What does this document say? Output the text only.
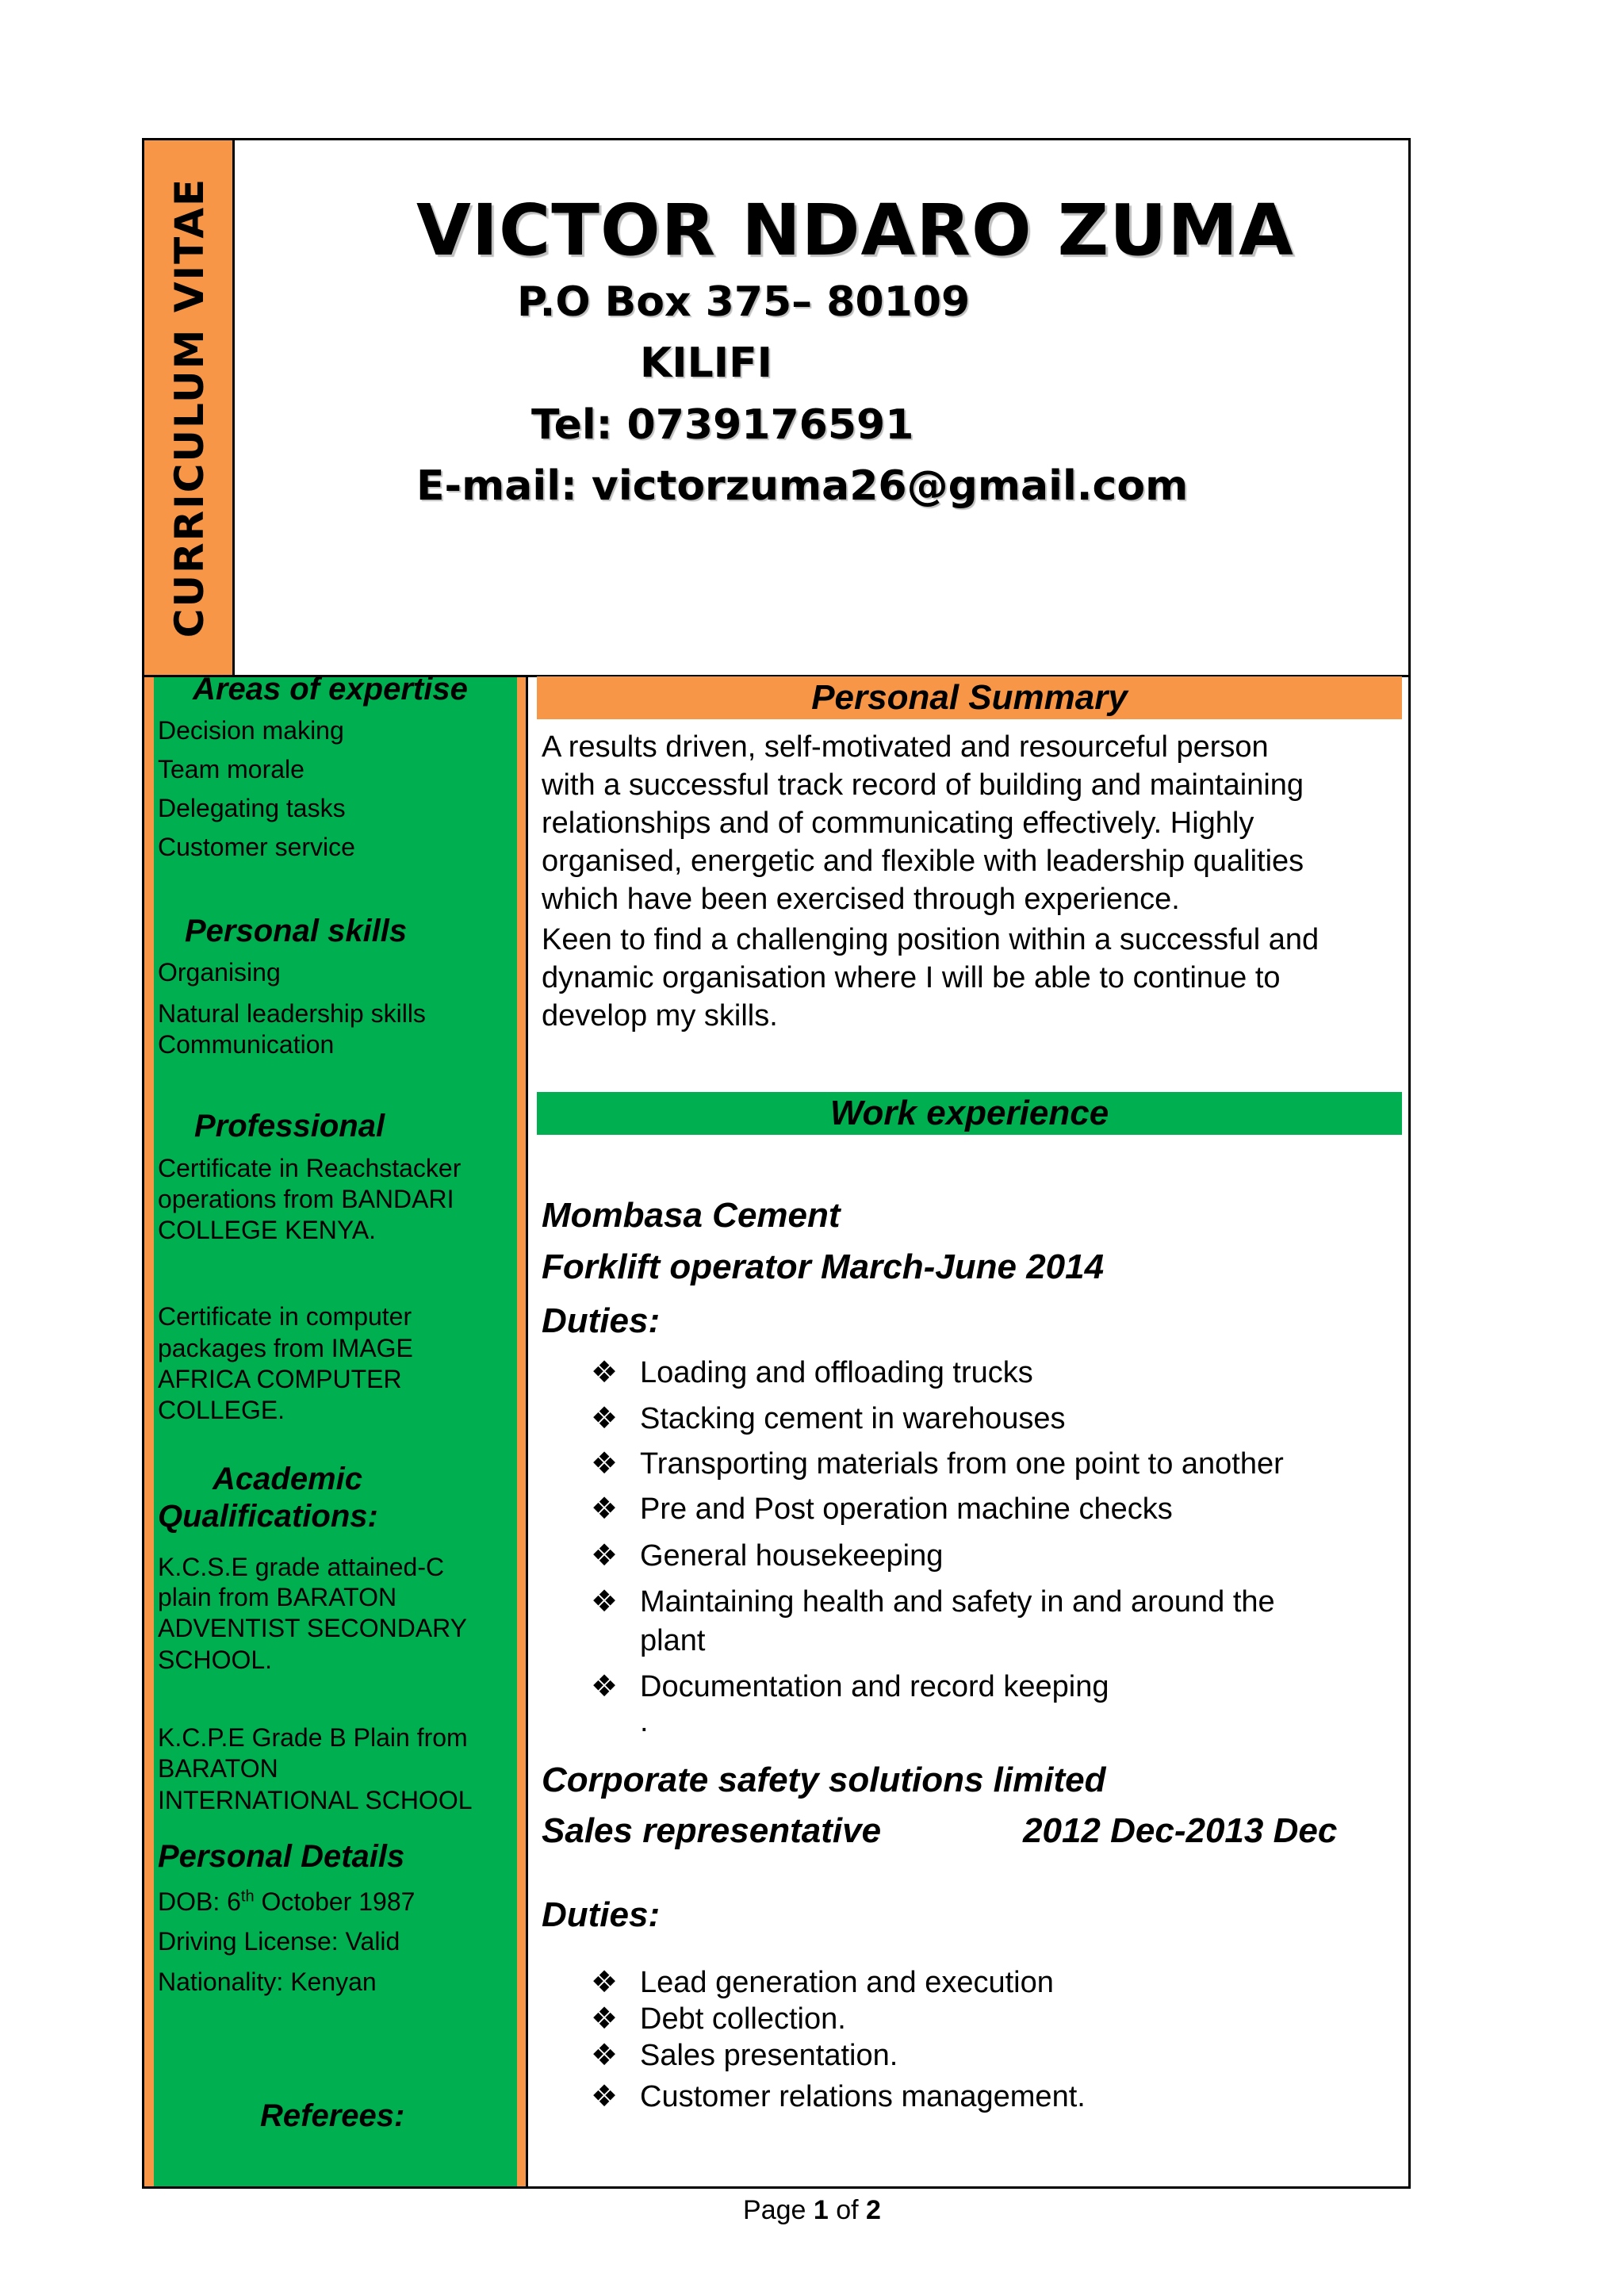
CURRICULUM VITAE	VICTOR NDARO ZUMA
P.O Box 375– 80109
KILIFI
Tel: 0739176591
E-mail: victorzuma26@gmail.com
Areas of expertise
Decision making
Team morale
Delegating tasks
Customer service
Personal skills
Organising
Natural leadership skills
Communication
Professional
Certificate in Reachstacker
operations from BANDARI
COLLEGE KENYA.
Certificate in computer
packages from IMAGE
AFRICA COMPUTER
COLLEGE.
Academic
Qualifications:
K.C.S.E grade attained-C
plain from BARATON
ADVENTIST SECONDARY
SCHOOL.
K.C.P.E Grade B Plain from
BARATON
INTERNATIONAL SCHOOL
Personal Details
DOB: 6th October 1987
Driving License: Valid
Nationality: Kenyan
Referees:
Personal Summary
A results driven, self-motivated and resourceful person
with a successful track record of building and maintaining
relationships and of communicating effectively. Highly
organised, energetic and flexible with leadership qualities
which have been exercised through experience.
Keen to find a challenging position within a successful and
dynamic organisation where I will be able to continue to
develop my skills.
Work experience
Mombasa Cement
Forklift operator March-June 2014
Duties:
❖ Loading and offloading trucks
❖ Stacking cement in warehouses
❖ Transporting materials from one point to another
❖ Pre and Post operation machine checks
❖ General housekeeping
❖ Maintaining health and safety in and around the
plant
❖ Documentation and record keeping
.
Corporate safety solutions limited
Sales representative	2012 Dec-2013 Dec
Duties:
❖ Lead generation and execution
❖ Debt collection.
❖ Sales presentation.
❖ Customer relations management.
Page 1 of 2
